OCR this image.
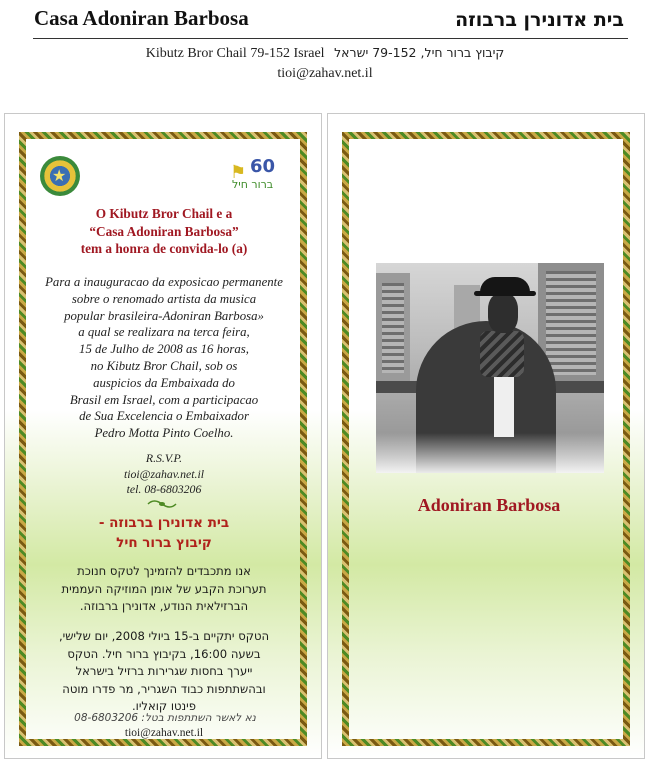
Casa Adoniran Barbosa	בית אדונירן ברבוזה
Kibutz Bror Chail 79-152 Israel קיבוץ ברור חיל, 79-152 ישראל
tioi@zahav.net.il
★	⚑ 60
ברור חיל
O Kibutz Bror Chail e a
“Casa Adoniran Barbosa”
tem a honra de convida-lo (a)
Para a inauguracao da exposicao permanente
sobre o renomado artista da musica
popular brasileira-Adoniran Barbosa»
a qual se realizara na terca feira,
15 de Julho de 2008 as 16 horas,
no Kibutz Bror Chail, sob os
auspicios da Embaixada do
Brasil em Israel, com a participacao
de Sua Excelencia o Embaixador
Pedro Motta Pinto Coelho.
R.S.V.P.
tioi@zahav.net.il
tel. 08-6803206
בית אדונירן ברבוזה -
קיבוץ ברור חיל
אנו מתכבדים להזמינך לטקס חנוכת
תערוכת הקבע של אומן המוזיקה העממית
הברזילאית הנודע, אדונירן ברבוזה.
הטקס יתקיים ב-15 ביולי 2008, יום שלישי,
בשעה 16:00, בקיבוץ ברור חיל. הטקס
ייערך בחסות שגרירות ברזיל בישראל
ובהשתתפות כבוד השגריר, מר פדרו מוטה
פינטו קואליו.
נא לאשר השתתפות בטל: 08-6803206
tioi@zahav.net.il
Adoniran Barbosa
